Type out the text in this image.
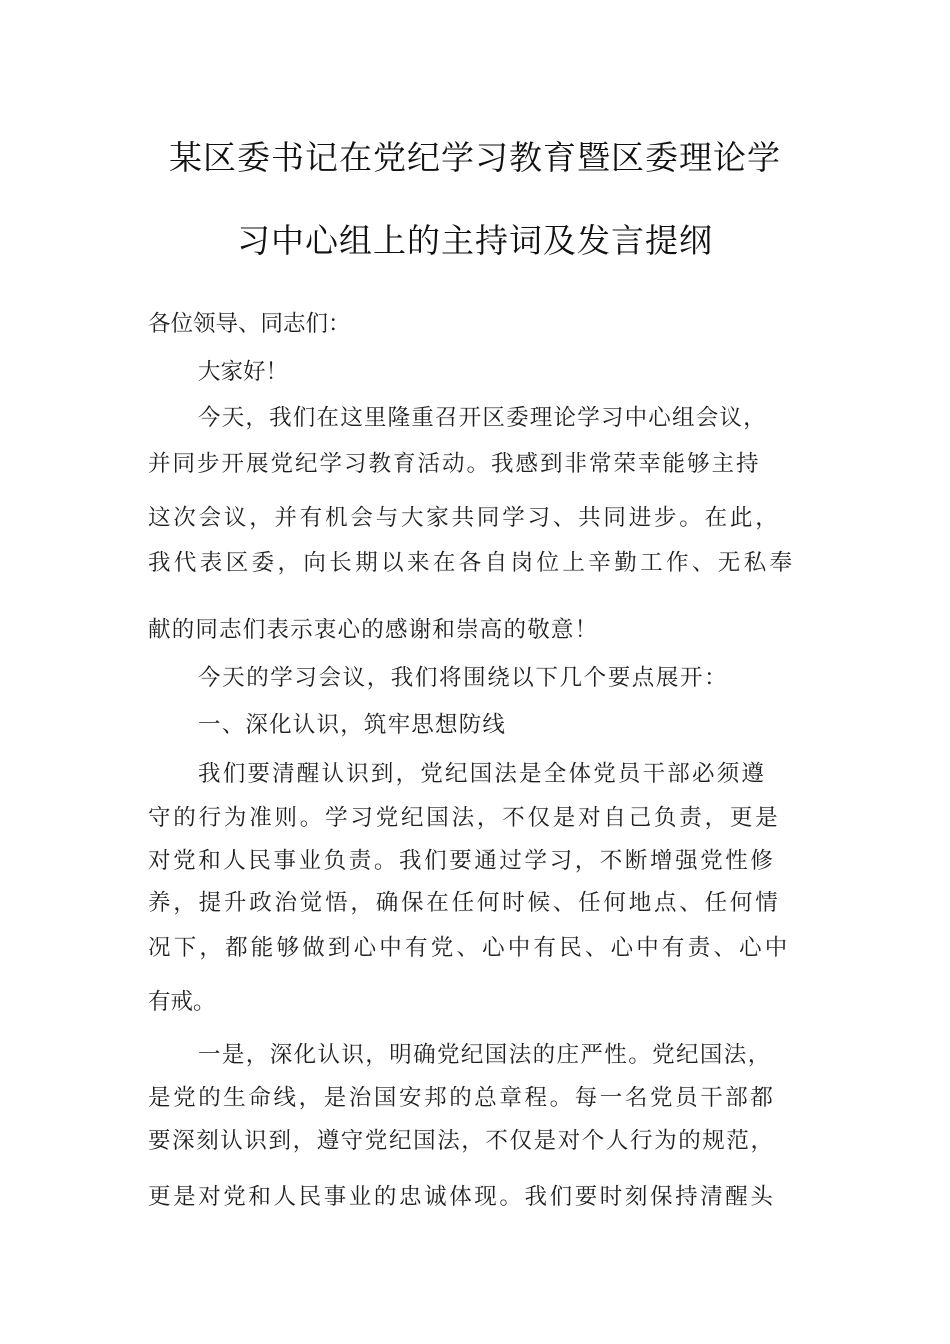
某区委书记在党纪学习教育暨区委理论学
习中心组上的主持词及发言提纲
各位领导、同志们：
大家好！
今天，我们在这里隆重召开区委理论学习中心组会议，
并同步开展党纪学习教育活动。我感到非常荣幸能够主持
这次会议，并有机会与大家共同学习、共同进步。在此，
我代表区委，向长期以来在各自岗位上辛勤工作、无私奉
献的同志们表示衷心的感谢和崇高的敬意！
今天的学习会议，我们将围绕以下几个要点展开：
一、深化认识，筑牢思想防线
我们要清醒认识到，党纪国法是全体党员干部必须遵
守的行为准则。学习党纪国法，不仅是对自己负责，更是
对党和人民事业负责。我们要通过学习，不断增强党性修
养，提升政治觉悟，确保在任何时候、任何地点、任何情
况下，都能够做到心中有党、心中有民、心中有责、心中
有戒。
一是，深化认识，明确党纪国法的庄严性。党纪国法，
是党的生命线，是治国安邦的总章程。每一名党员干部都
要深刻认识到，遵守党纪国法，不仅是对个人行为的规范，
更是对党和人民事业的忠诚体现。我们要时刻保持清醒头
